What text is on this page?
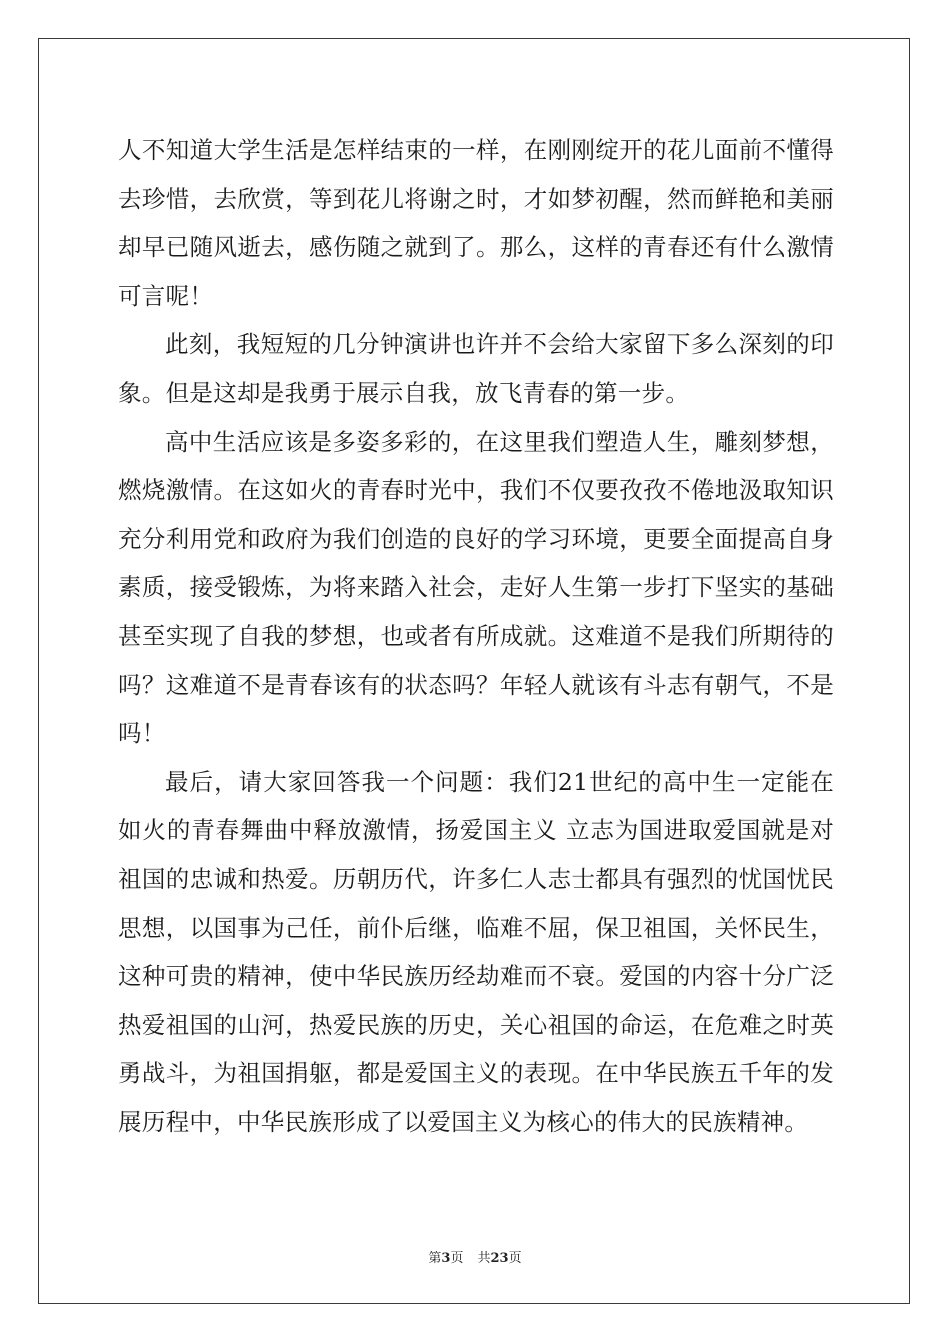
人不知道大学生活是怎样结束的一样，在刚刚绽开的花儿面前不懂得
去珍惜，去欣赏，等到花儿将谢之时，才如梦初醒，然而鲜艳和美丽
却早已随风逝去，感伤随之就到了。那么，这样的青春还有什么激情
可言呢！
此刻，我短短的几分钟演讲也许并不会给大家留下多么深刻的印
象。但是这却是我勇于展示自我，放飞青春的第一步。
高中生活应该是多姿多彩的，在这里我们塑造人生，雕刻梦想，
燃烧激情。在这如火的青春时光中，我们不仅要孜孜不倦地汲取知识
充分利用党和政府为我们创造的良好的学习环境，更要全面提高自身
素质，接受锻炼，为将来踏入社会，走好人生第一步打下坚实的基础
甚至实现了自我的梦想，也或者有所成就。这难道不是我们所期待的
吗？这难道不是青春该有的状态吗？年轻人就该有斗志有朝气，不是
吗！
最后，请大家回答我一个问题：我们21世纪的高中生一定能在
如火的青春舞曲中释放激情，扬爱国主义 立志为国进取爱国就是对
祖国的忠诚和热爱。历朝历代，许多仁人志士都具有强烈的忧国忧民
思想，以国事为己任，前仆后继，临难不屈，保卫祖国，关怀民生，
这种可贵的精神，使中华民族历经劫难而不衰。爱国的内容十分广泛
热爱祖国的山河，热爱民族的历史，关心祖国的命运，在危难之时英
勇战斗，为祖国捐躯，都是爱国主义的表现。在中华民族五千年的发
展历程中，中华民族形成了以爱国主义为核心的伟大的民族精神。
第3页 共23页
